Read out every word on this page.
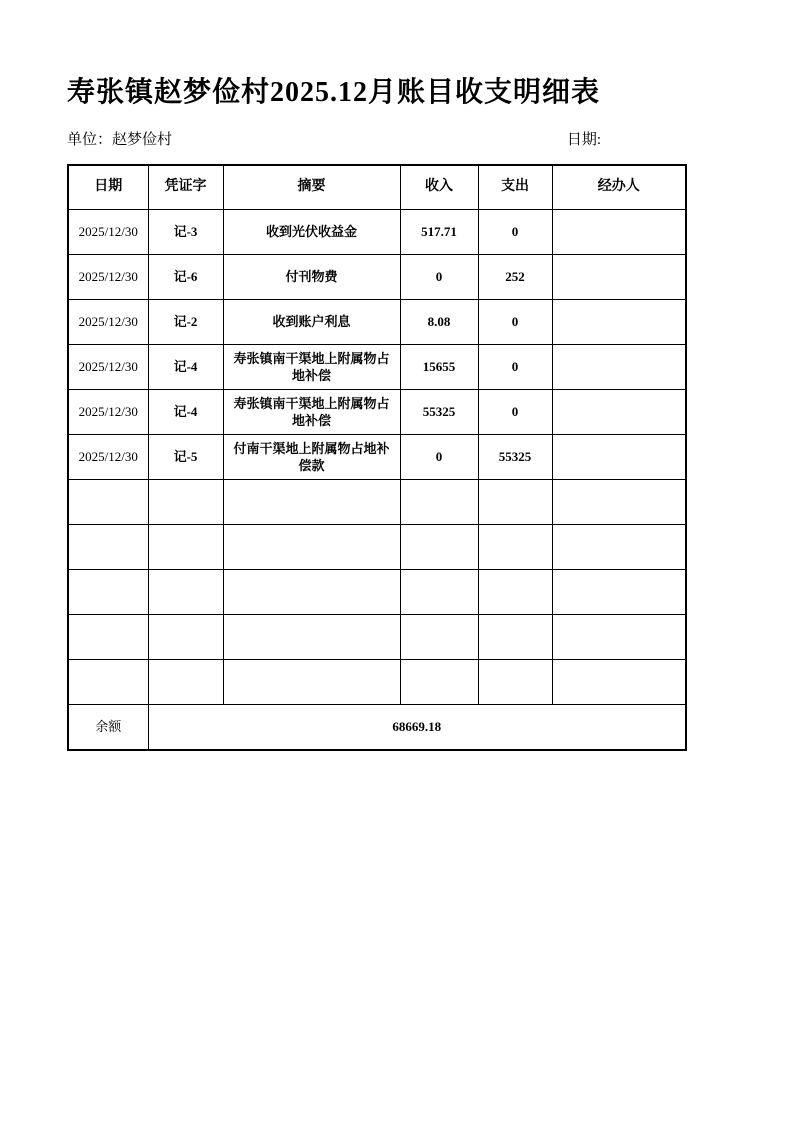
寿张镇赵梦俭村2025.12月账目收支明细表
单位：赵梦俭村	日期:
日期	凭证字	摘要	收入	支出	经办人
2025/12/30	记-3	收到光伏收益金	517.71	0	
2025/12/30	记-6	付刊物费	0	252	
2025/12/30	记-2	收到账户利息	8.08	0	
2025/12/30	记-4	寿张镇南干渠地上附属物占地补偿	15655	0	
2025/12/30	记-4	寿张镇南干渠地上附属物占地补偿	55325	0	
2025/12/30	记-5	付南干渠地上附属物占地补偿款	0	55325	

余额	68669.18				
